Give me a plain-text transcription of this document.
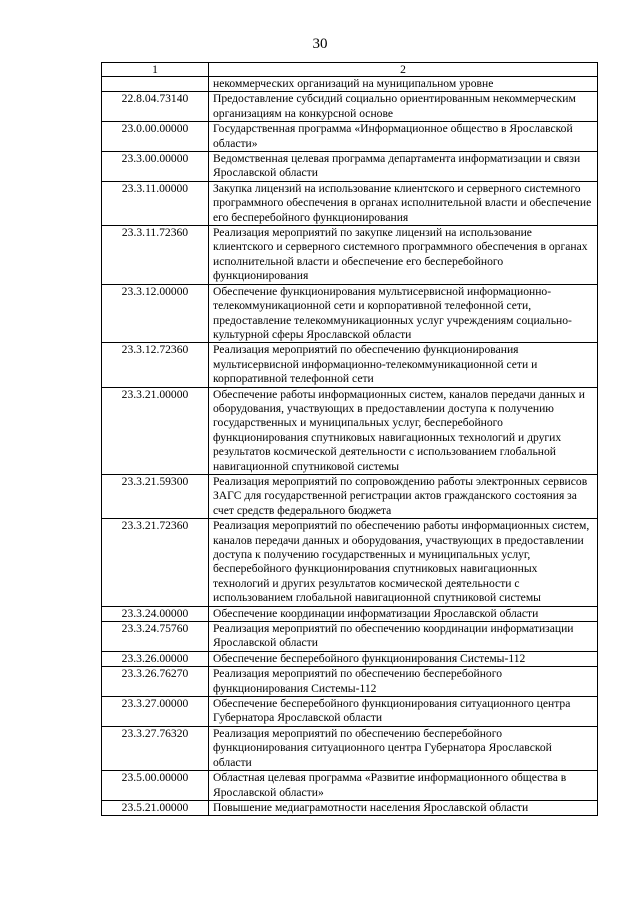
30
1	2
	некоммерческих организаций на муниципальном уровне
22.8.04.73140	Предоставление субсидий социально ориентированным некоммерческим организациям на конкурсной основе
23.0.00.00000	Государственная программа «Информационное общество в Ярославской области»
23.3.00.00000	Ведомственная целевая программа департамента информатизации и связи Ярославской области
23.3.11.00000	Закупка лицензий на использование клиентского и серверного системного программного обеспечения в органах исполнительной власти и обеспечение его бесперебойного функционирования
23.3.11.72360	Реализация мероприятий по закупке лицензий на использование клиентского и серверного системного программного обеспечения в органах исполнительной власти и обеспечение его бесперебойного функционирования
23.3.12.00000	Обеспечение функционирования мультисервисной информационно-телекоммуникационной сети и корпоративной телефонной сети, предоставление телекоммуникационных услуг учреждениям социально-культурной сферы Ярославской области
23.3.12.72360	Реализация мероприятий по обеспечению функционирования мультисервисной информационно-телекоммуникационной сети и корпоративной телефонной сети
23.3.21.00000	Обеспечение работы информационных систем, каналов передачи данных и оборудования, участвующих в предоставлении доступа к получению государственных и муниципальных услуг, бесперебойного функционирования спутниковых навигационных технологий и других результатов космической деятельности с использованием глобальной навигационной спутниковой системы
23.3.21.59300	Реализация мероприятий по сопровождению работы электронных сервисов ЗАГС для государственной регистрации актов гражданского состояния за счет средств федерального бюджета
23.3.21.72360	Реализация мероприятий по обеспечению работы информационных систем, каналов передачи данных и оборудования, участвующих в предоставлении доступа к получению государственных и муниципальных услуг, бесперебойного функционирования спутниковых навигационных технологий и других результатов космической деятельности с использованием глобальной навигационной спутниковой системы
23.3.24.00000	Обеспечение координации информатизации Ярославской области
23.3.24.75760	Реализация мероприятий по обеспечению координации информатизации Ярославской области
23.3.26.00000	Обеспечение бесперебойного функционирования Системы-112
23.3.26.76270	Реализация мероприятий по обеспечению бесперебойного функционирования Системы-112
23.3.27.00000	Обеспечение бесперебойного функционирования ситуационного центра Губернатора Ярославской области
23.3.27.76320	Реализация мероприятий по обеспечению бесперебойного функционирования ситуационного центра Губернатора Ярославской области
23.5.00.00000	Областная целевая программа «Развитие информационного общества в Ярославской области»
23.5.21.00000	Повышение медиаграмотности населения Ярославской области
